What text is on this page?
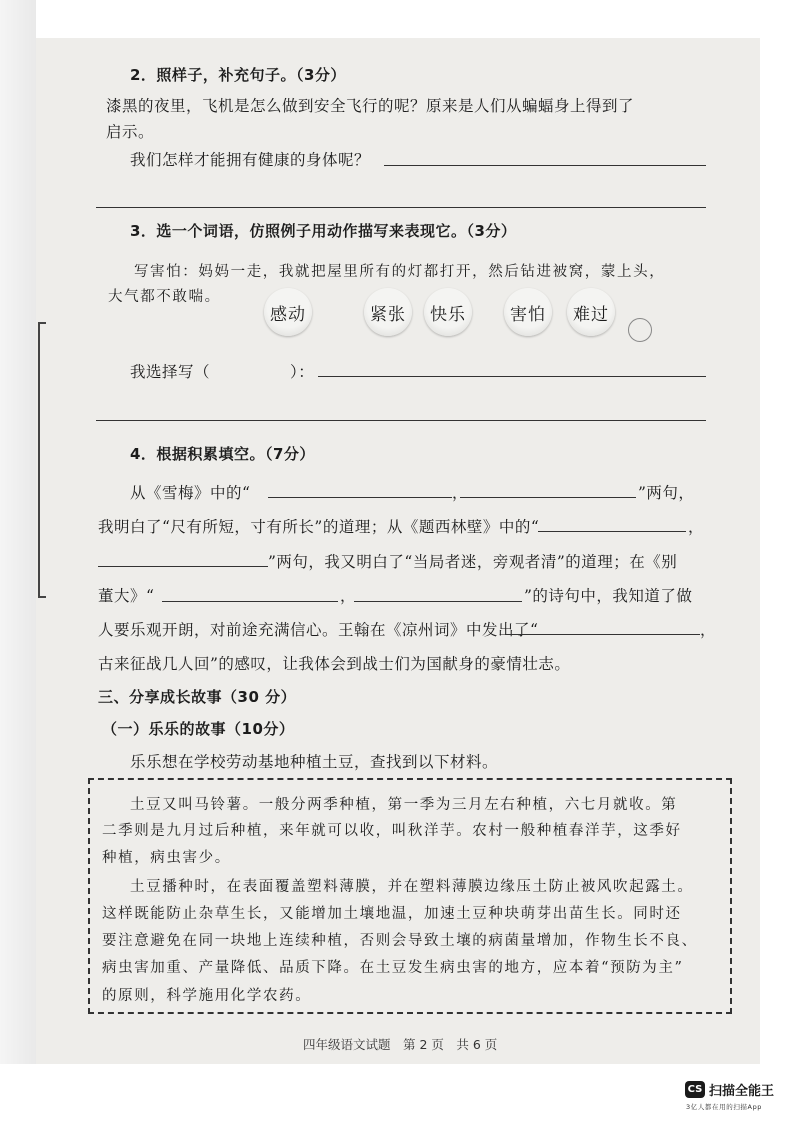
2．照样子，补充句子。（3分）
漆黑的夜里，飞机是怎么做到安全飞行的呢？原来是人们从蝙蝠身上得到了
启示。
我们怎样才能拥有健康的身体呢？
3．选一个词语，仿照例子用动作描写来表现它。（3分）
写害怕：妈妈一走，我就把屋里所有的灯都打开，然后钻进被窝，蒙上头，
大气都不敢喘。
感动	紧张	快乐	害怕	难过
我选择写（	）：
4．根据积累填空。（7分）
从《雪梅》中的“	，	”两句，
我明白了“尺有所短，寸有所长”的道理；从《题西林壁》中的“	，
”两句，我又明白了“当局者迷，旁观者清”的道理；在《别
董大》“	，	”的诗句中，我知道了做
人要乐观开朗，对前途充满信心。王翰在《凉州词》中发出了“	，
古来征战几人回”的感叹，让我体会到战士们为国献身的豪情壮志。
三、分享成长故事（30 分）
（一）乐乐的故事（10分）
乐乐想在学校劳动基地种植土豆，查找到以下材料。
土豆又叫马铃薯。一般分两季种植，第一季为三月左右种植，六七月就收。第
二季则是九月过后种植，来年就可以收，叫秋洋芋。农村一般种植春洋芋，这季好
种植，病虫害少。
土豆播种时，在表面覆盖塑料薄膜，并在塑料薄膜边缘压土防止被风吹起露土。
这样既能防止杂草生长，又能增加土壤地温，加速土豆种块萌芽出苗生长。同时还
要注意避免在同一块地上连续种植，否则会导致土壤的病菌量增加，作物生长不良、
病虫害加重、产量降低、品质下降。在土豆发生病虫害的地方，应本着“预防为主”
的原则，科学施用化学农药。
四年级语文试题　第 2 页　共 6 页
CS 扫描全能王
3亿人都在用的扫描App
